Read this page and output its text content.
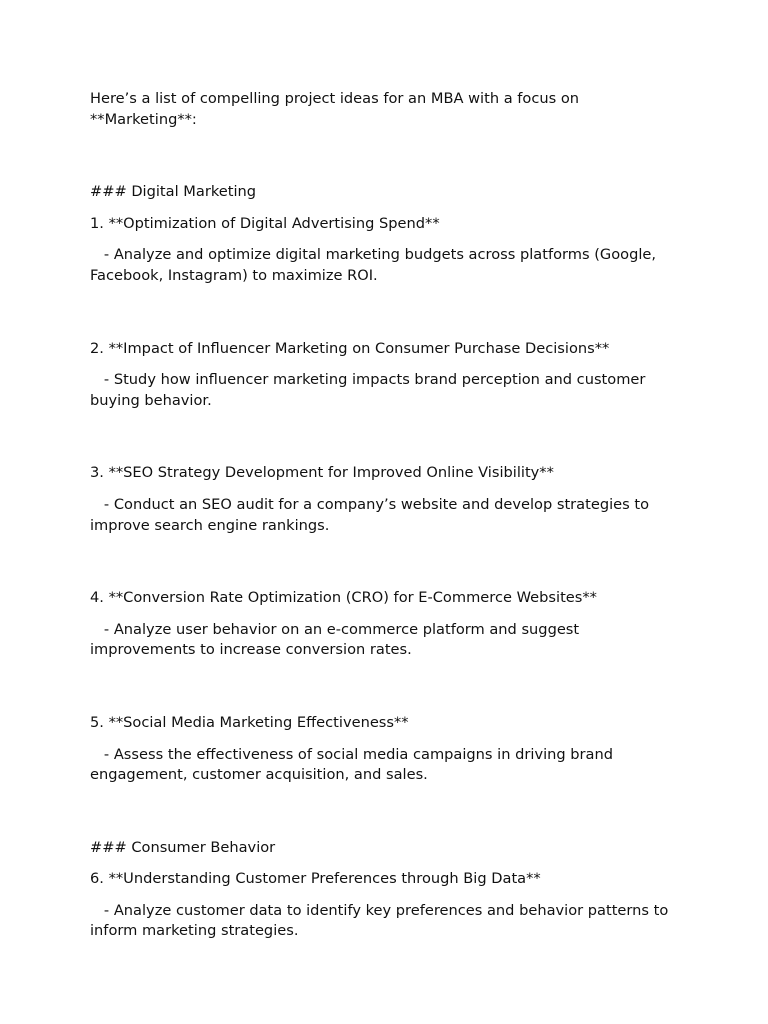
Here’s a list of compelling project ideas for an MBA with a focus on **Marketing**:

### Digital Marketing

1. **Optimization of Digital Advertising Spend**

- Analyze and optimize digital marketing budgets across platforms (Google, Facebook, Instagram) to maximize ROI.

2. **Impact of Influencer Marketing on Consumer Purchase Decisions**

- Study how influencer marketing impacts brand perception and customer buying behavior.

3. **SEO Strategy Development for Improved Online Visibility**

- Conduct an SEO audit for a company’s website and develop strategies to improve search engine rankings.

4. **Conversion Rate Optimization (CRO) for E-Commerce Websites**

- Analyze user behavior on an e-commerce platform and suggest improvements to increase conversion rates.

5. **Social Media Marketing Effectiveness**

- Assess the effectiveness of social media campaigns in driving brand engagement, customer acquisition, and sales.

### Consumer Behavior

6. **Understanding Customer Preferences through Big Data**

- Analyze customer data to identify key preferences and behavior patterns to inform marketing strategies.
